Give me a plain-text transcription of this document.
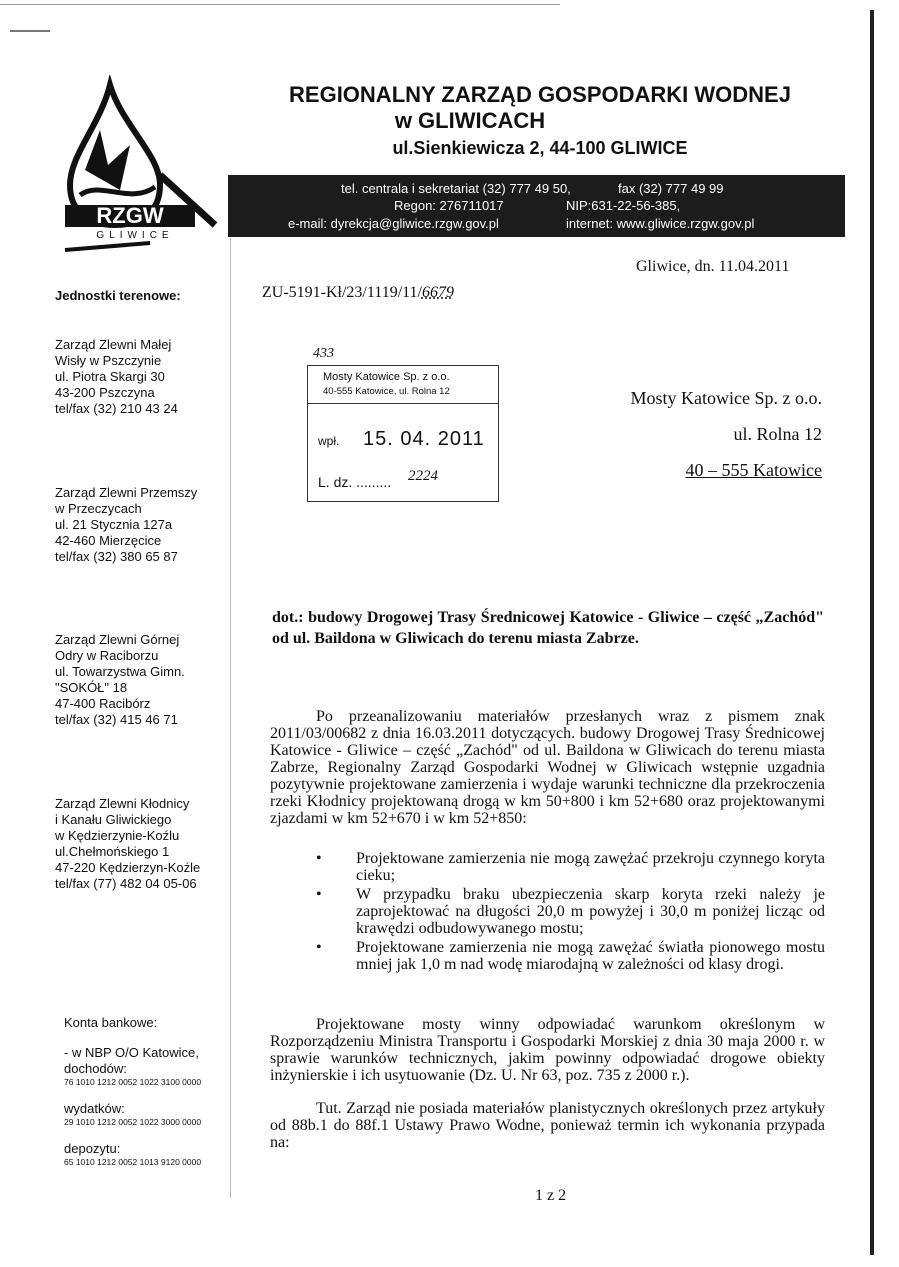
RZGW
GLIWICE
REGIONALNY ZARZĄD GOSPODARKI WODNEJ
w GLIWICACH
ul.Sienkiewicza 2, 44-100 GLIWICE
tel. centrala i sekretariat (32) 777 49 50,	fax (32) 777 49 99
Regon: 276711017	NIP:631-22-56-385,
e-mail: dyrekcja@gliwice.rzgw.gov.pl	internet: www.gliwice.rzgw.gov.pl
Jednostki terenowe:
Zarząd Zlewni Małej
Wisły w Pszczynie
ul. Piotra Skargi 30
43-200 Pszczyna
tel/fax (32) 210 43 24
Zarząd Zlewni Przemszy
w Przeczycach
ul. 21 Stycznia 127a
42-460 Mierzęcice
tel/fax (32) 380 65 87
Zarząd Zlewni Górnej
Odry w Raciborzu
ul. Towarzystwa Gimn.
"SOKÓŁ" 18
47-400 Racibórz
tel/fax (32) 415 46 71
Zarząd Zlewni Kłodnicy
i Kanału Gliwickiego
w Kędzierzynie-Koźlu
ul.Chełmońskiego 1
47-220 Kędzierzyn-Koźle
tel/fax (77) 482 04 05-06
Konta bankowe:
- w NBP O/O Katowice,
dochodów:
76 1010 1212 0052 1022 3100 0000
wydatków:
29 1010 1212 0052 1022 3000 0000
depozytu:
65 1010 1212 0052 1013 9120 0000
Gliwice, dn. 11.04.2011
ZU-5191-Kł/23/1119/11/6679
433
Mosty Katowice Sp. z o.o.
40-555 Katowice, ul. Rolna 12
wpł. 15. 04. 2011
L. dz. ......... 2224
Mosty Katowice Sp. z o.o.
ul. Rolna 12
40 – 555 Katowice
dot.: budowy Drogowej Trasy Średnicowej Katowice - Gliwice – część „Zachód" od ul. Baildona w Gliwicach do terenu miasta Zabrze.
Po przeanalizowaniu materiałów przesłanych wraz z pismem znak 2011/03/00682 z dnia 16.03.2011 dotyczących. budowy Drogowej Trasy Średnicowej Katowice - Gliwice – część „Zachód" od ul. Baildona w Gliwicach do terenu miasta Zabrze, Regionalny Zarząd Gospodarki Wodnej w Gliwicach wstępnie uzgadnia pozytywnie projektowane zamierzenia i wydaje warunki techniczne dla przekroczenia rzeki Kłodnicy projektowaną drogą w km 50+800 i km 52+680 oraz projektowanymi zjazdami w km 52+670 i w km 52+850:
• Projektowane zamierzenia nie mogą zawężać przekroju czynnego koryta cieku;
• W przypadku braku ubezpieczenia skarp koryta rzeki należy je zaprojektować na długości 20,0 m powyżej i 30,0 m poniżej licząc od krawędzi odbudowywanego mostu;
• Projektowane zamierzenia nie mogą zawężać światła pionowego mostu mniej jak 1,0 m nad wodę miarodajną w zależności od klasy drogi.
Projektowane mosty winny odpowiadać warunkom określonym w Rozporządzeniu Ministra Transportu i Gospodarki Morskiej z dnia 30 maja 2000 r. w sprawie warunków technicznych, jakim powinny odpowiadać drogowe obiekty inżynierskie i ich usytuowanie (Dz. U. Nr 63, poz. 735 z 2000 r.).
Tut. Zarząd nie posiada materiałów planistycznych określonych przez artykuły od 88b.1 do 88f.1 Ustawy Prawo Wodne, ponieważ termin ich wykonania przypada na:
1 z 2
